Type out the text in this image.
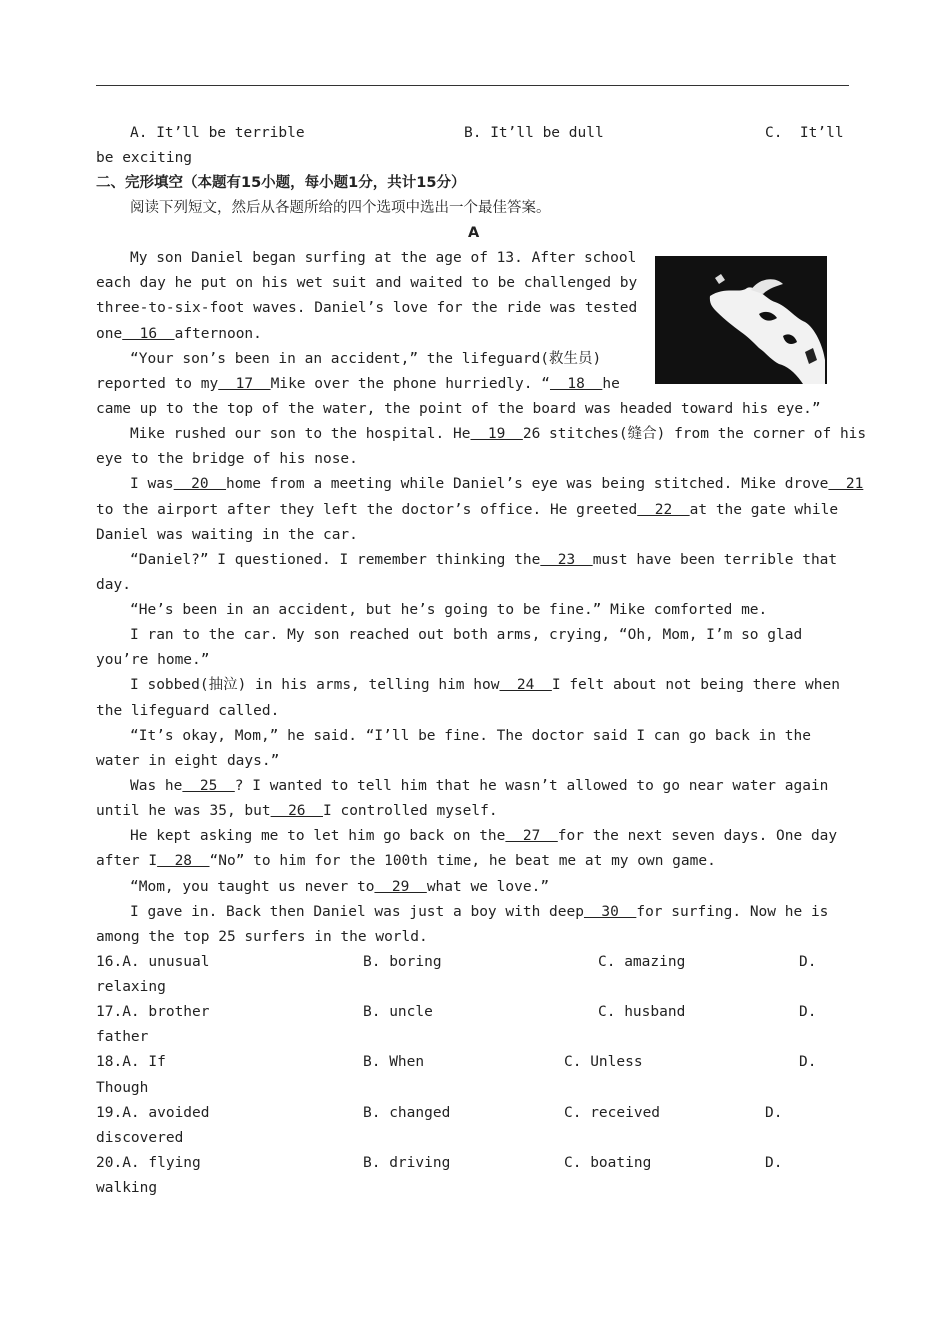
A. It’ll be terrible	B. It’ll be dull	C.  It’ll
be exciting
二、完形填空（本题有15小题，每小题1分，共计15分）
阅读下列短文，然后从各题所给的四个选项中选出一个最佳答案。
A
My son Daniel began surfing at the age of 13. After school
each day he put on his wet suit and waited to be challenged by
three-to-six-foot waves. Daniel’s love for the ride was tested
one  16  afternoon.
“Your son’s been in an accident,” the lifeguard(救生员)
reported to my  17  Mike over the phone hurriedly. “  18  he
came up to the top of the water, the point of the board was headed toward his eye.”
Mike rushed our son to the hospital. He  19  26 stitches(缝合) from the corner of his
eye to the bridge of his nose.
I was  20  home from a meeting while Daniel’s eye was being stitched. Mike drove  21
to the airport after they left the doctor’s office. He greeted  22  at the gate while
Daniel was waiting in the car.
“Daniel?” I questioned. I remember thinking the  23  must have been terrible that
day.
“He’s been in an accident, but he’s going to be fine.” Mike comforted me.
I ran to the car. My son reached out both arms, crying, “Oh, Mom, I’m so glad
you’re home.”
I sobbed(抽泣) in his arms, telling him how  24  I felt about not being there when
the lifeguard called.
“It’s okay, Mom,” he said. “I’ll be fine. The doctor said I can go back in the
water in eight days.”
Was he  25  ? I wanted to tell him that he wasn’t allowed to go near water again
until he was 35, but  26  I controlled myself.
He kept asking me to let him go back on the  27  for the next seven days. One day
after I  28  “No” to him for the 100th time, he beat me at my own game.
“Mom, you taught us never to  29  what we love.”
I gave in. Back then Daniel was just a boy with deep  30  for surfing. Now he is
among the top 25 surfers in the world.
16.A. unusual	B. boring	C. amazing	D.
relaxing
17.A. brother	B. uncle	C. husband	D.
father
18.A. If	B. When	C. Unless	D.
Though
19.A. avoided	B. changed	C. received	D.
discovered
20.A. flying	B. driving	C. boating	D.
walking
